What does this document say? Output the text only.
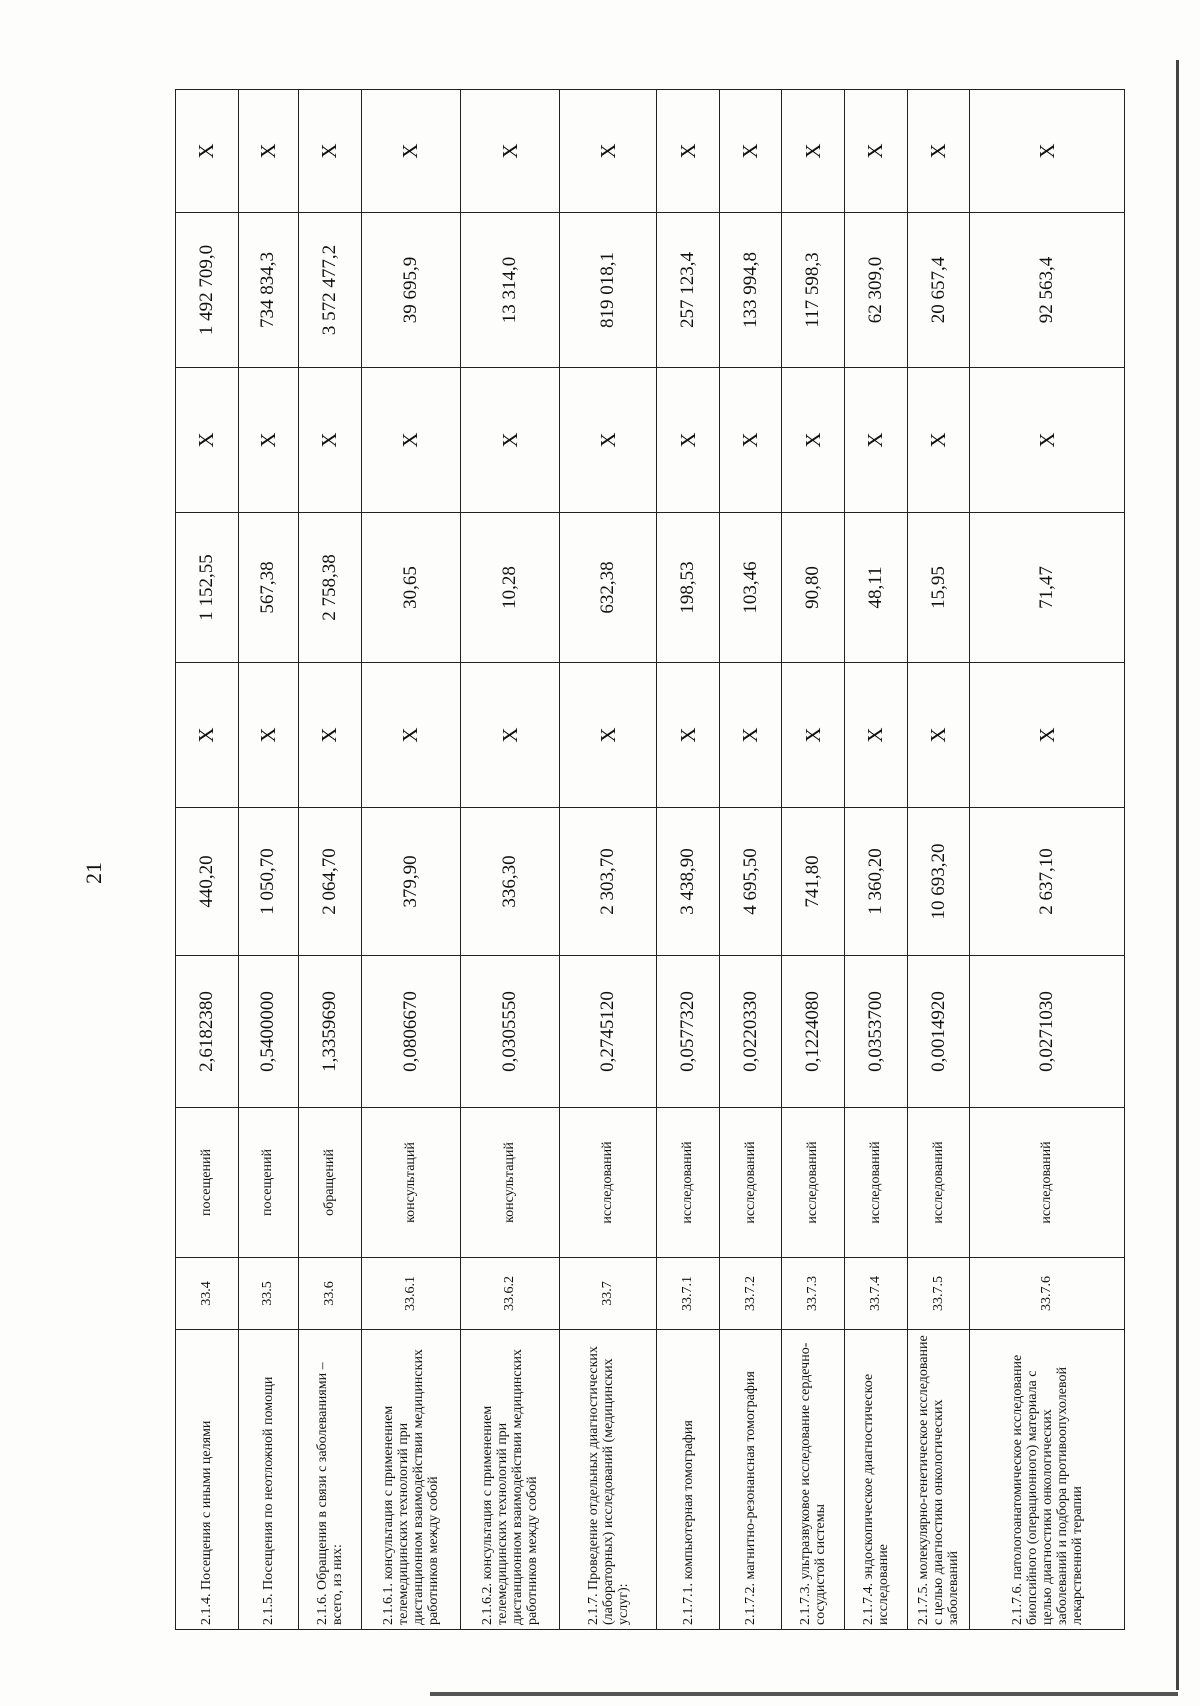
21
2.1.4. Посещения с иными целями	33.4	посещений	2,6182380	440,20	X	1 152,55	X	1 492 709,0	X
2.1.5. Посещения по неотложной помощи	33.5	посещений	0,5400000	1 050,70	X	567,38	X	734 834,3	X
2.1.6. Обращения в связи с заболеваниями – всего, из них:	33.6	обращений	1,3359690	2 064,70	X	2 758,38	X	3 572 477,2	X
2.1.6.1. консультация с применением телемедицинских технологий при дистанционном взаимодействии медицинских работников между собой	33.6.1	консультаций	0,0806670	379,90	X	30,65	X	39 695,9	X
2.1.6.2. консультация с применением телемедицинских технологий при дистанционном взаимодействии медицинских работников между собой	33.6.2	консультаций	0,0305550	336,30	X	10,28	X	13 314,0	X
2.1.7. Проведение отдельных диагностических (лабораторных) исследований (медицинских услуг):	33.7	исследований	0,2745120	2 303,70	X	632,38	X	819 018,1	X
2.1.7.1. компьютерная томография	33.7.1	исследований	0,0577320	3 438,90	X	198,53	X	257 123,4	X
2.1.7.2. магнитно-резонансная томография	33.7.2	исследований	0,0220330	4 695,50	X	103,46	X	133 994,8	X
2.1.7.3. ультразвуковое исследование сердечно-сосудистой системы	33.7.3	исследований	0,1224080	741,80	X	90,80	X	117 598,3	X
2.1.7.4. эндоскопическое диагностическое исследование	33.7.4	исследований	0,0353700	1 360,20	X	48,11	X	62 309,0	X
2.1.7.5. молекулярно-генетическое исследование с целью диагностики онкологических заболеваний	33.7.5	исследований	0,0014920	10 693,20	X	15,95	X	20 657,4	X
2.1.7.6. патологоанатомическое исследование биопсийного (операционного) материала с целью диагностики онкологических заболеваний и подбора противоопухолевой лекарственной терапии	33.7.6	исследований	0,0271030	2 637,10	X	71,47	X	92 563,4	X
